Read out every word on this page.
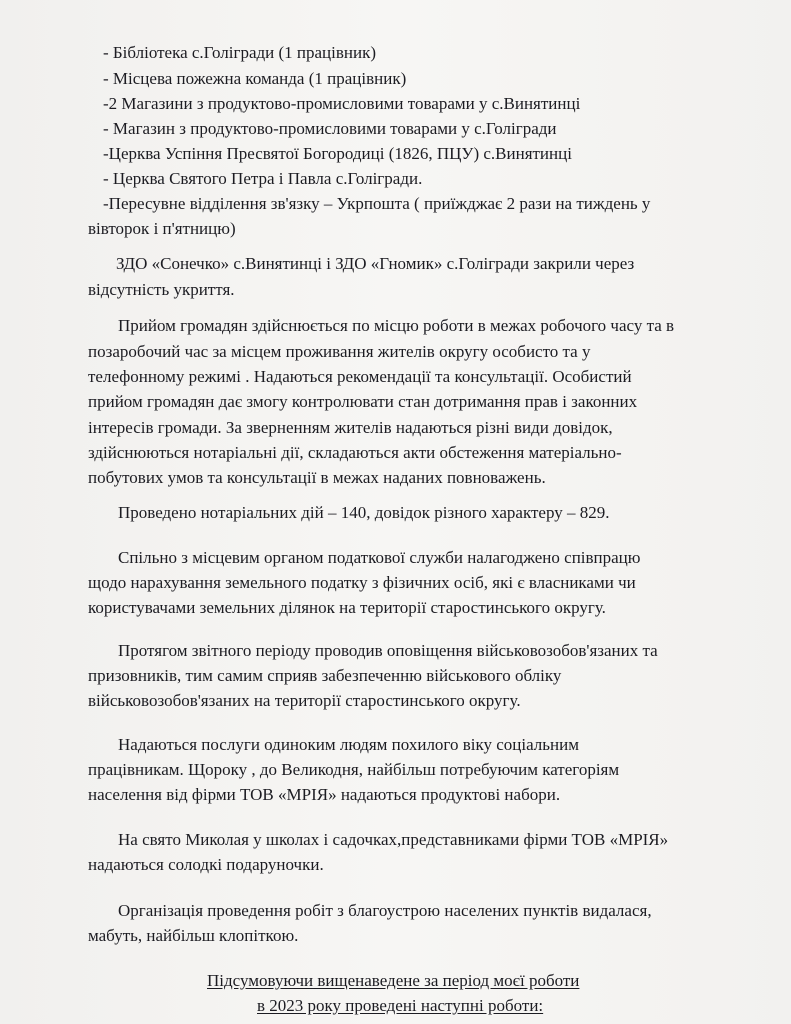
- Бібліотека с.Голігради (1 працівник)
- Місцева пожежна команда (1 працівник)
-2 Магазини з продуктово-промисловими товарами у с.Винятинці
- Магазин з продуктово-промисловими товарами у с.Голігради
-Церква Успіння Пресвятої Богородиці (1826, ПЦУ) с.Винятинці
- Церква Святого Петра і Павла с.Голігради.
-Пересувне відділення зв'язку – Укрпошта ( приїжджає 2 рази на тиждень у
вівторок і п'ятницю)
ЗДО «Сонечко» с.Винятинці і ЗДО «Гномик» с.Голігради закрили через
відсутність укриття.
Прийом громадян здійснюється по місцю роботи в межах робочого часу та в
позаробочий час за місцем проживання жителів округу особисто та у
телефонному режимі . Надаються рекомендації та консультації. Особистий
прийом громадян дає змогу контролювати стан дотримання прав і законних
інтересів громади. За зверненням жителів надаються різні види довідок,
здійснюються нотаріальні дії, складаються акти обстеження матеріально-
побутових умов та консультації в межах наданих повноважень.
Проведено нотаріальних дій – 140, довідок різного характеру – 829.
Спільно з місцевим органом податкової служби налагоджено співпрацю
щодо нарахування земельного податку з фізичних осіб, які є власниками чи
користувачами земельних ділянок на території старостинського округу.
Протягом звітного періоду проводив оповіщення військовозобов'язаних та
призовників, тим самим сприяв забезпеченню військового обліку
військовозобов'язаних на території старостинського округу.
Надаються послуги одиноким людям похилого віку соціальним
працівникам. Щороку , до Великодня, найбільш потребуючим категоріям
населення від фірми ТОВ «МРІЯ» надаються продуктові набори.
На свято Миколая у школах і садочках,представниками фірми ТОВ «МРІЯ»
надаються солодкі подаруночки.
Організація проведення робіт з благоустрою населених пунктів видалася,
мабуть, найбільш клопіткою.
Підсумовуючи вищенаведене за період моєї роботи
в 2023 року проведені наступні роботи:
